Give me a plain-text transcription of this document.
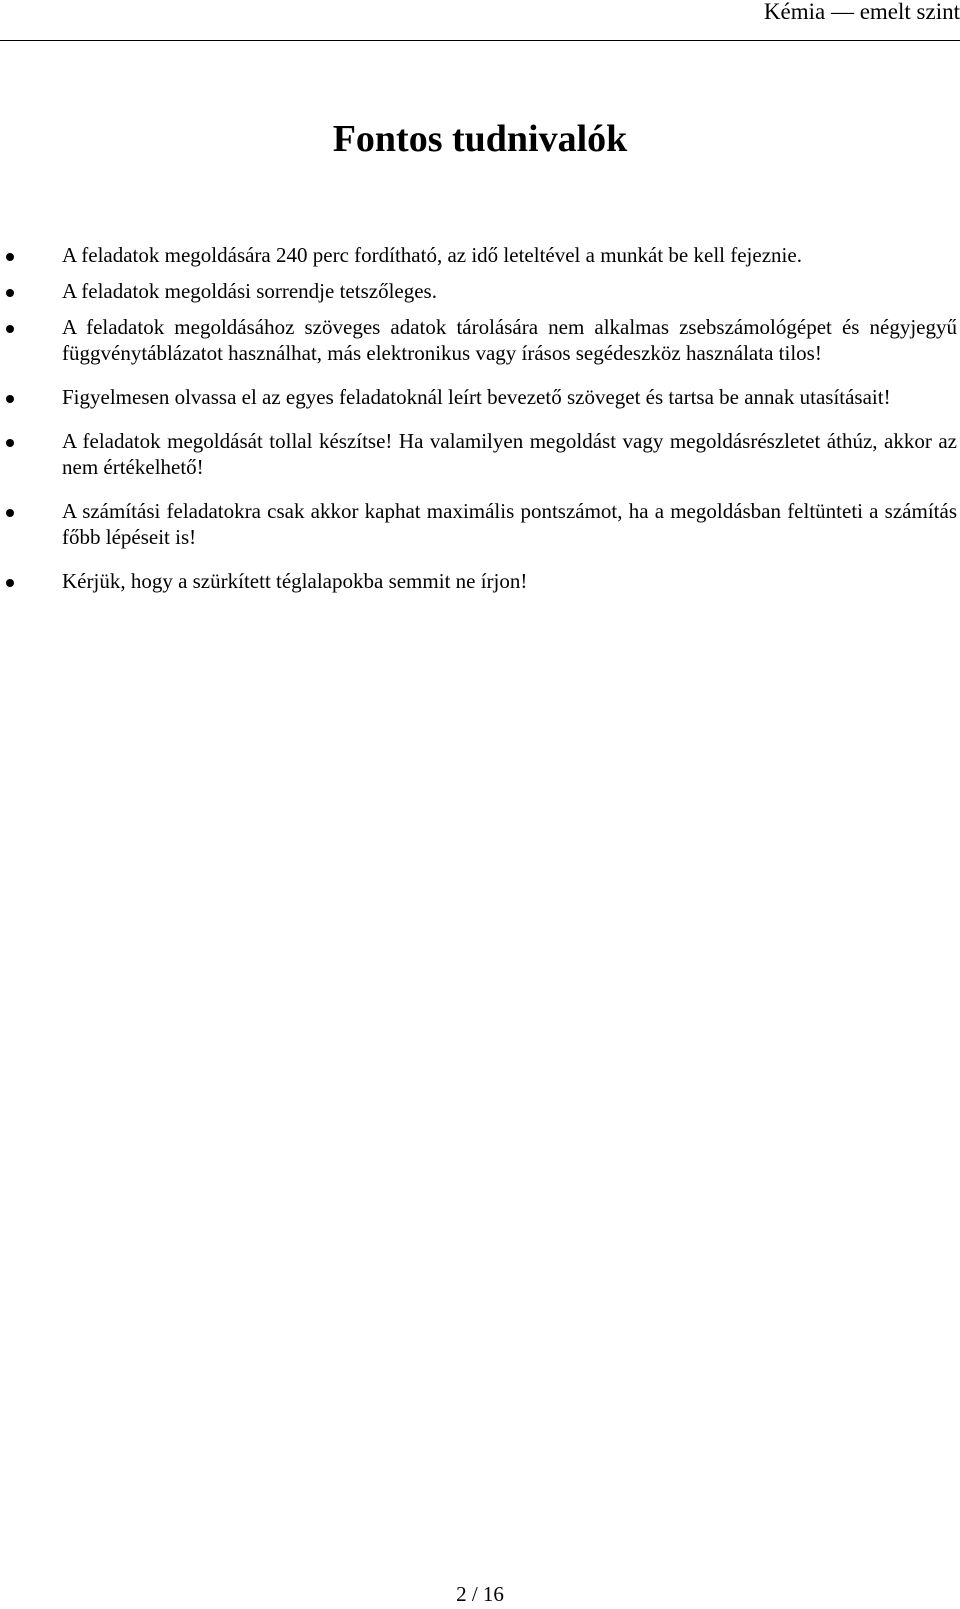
Kémia — emelt szint
Fontos tudnivalók
A feladatok megoldására 240 perc fordítható, az idő leteltével a munkát be kell fejeznie.
A feladatok megoldási sorrendje tetszőleges.
A feladatok megoldásához szöveges adatok tárolására nem alkalmas zsebszámológépet és négyjegyű függvénytáblázatot használhat, más elektronikus vagy írásos segédeszköz használata tilos!
Figyelmesen olvassa el az egyes feladatoknál leírt bevezető szöveget és tartsa be annak utasításait!
A feladatok megoldását tollal készítse! Ha valamilyen megoldást vagy megoldásrészletet áthúz, akkor az nem értékelhető!
A számítási feladatokra csak akkor kaphat maximális pontszámot, ha a megoldásban feltünteti a számítás főbb lépéseit is!
Kérjük, hogy a szürkített téglalapokba semmit ne írjon!
2 / 16
